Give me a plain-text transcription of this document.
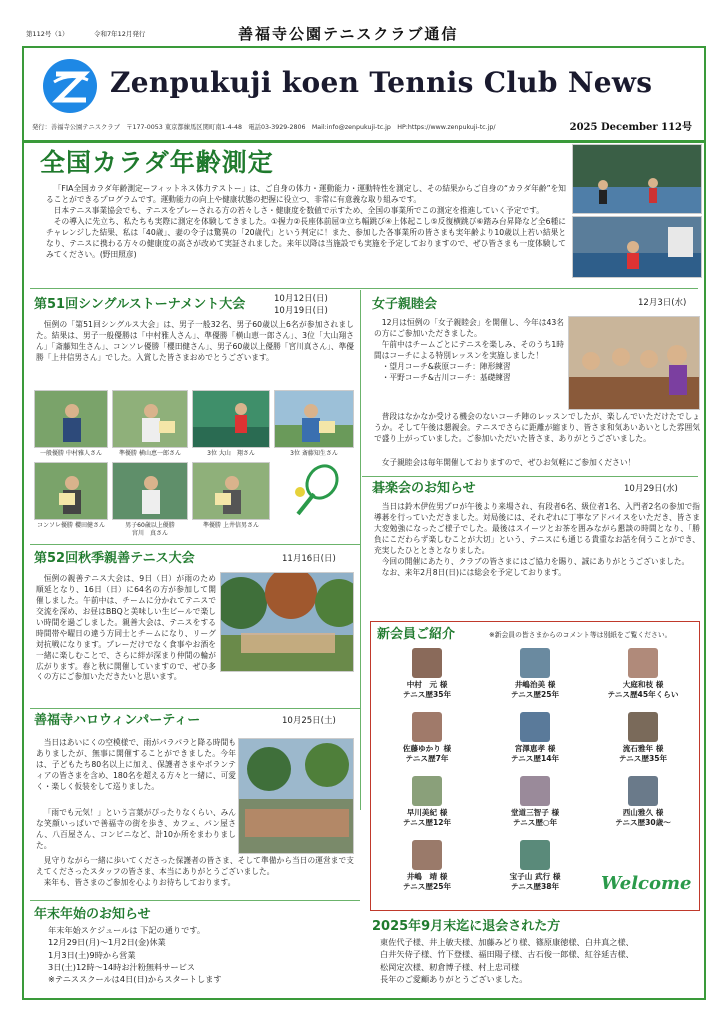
第112号（1）	令和7年12月発行	善福寺公園テニスクラブ通信
Zenpukuji koen Tennis Club News
発行：善福寺公園テニスクラブ　〒177-0053 東京都練馬区関町南1-4-48　電話03-3929-2806　Mail:info@zenpukuji-tc.jp　HP:https://www.zenpukuji-tc.jp/	2025 December 112号
全国カラダ年齢測定

「FIA全国カラダ年齢測定ーフィットネス体力テストー」は、ご自身の体力・運動能力・運動特性を測定し、その結果からご自身の“カラダ年齢”を知ることができるプログラムです。運動能力の向上や健康状態の把握に役立つ、非常に有意義な取り組みです。

日本テニス事業協会でも、テニスをプレーされる方の若々しさ・健康度を数値で示すため、全国の事業所でこの測定を推進していく予定です。

その導入に先立ち、私たちも実際に測定を体験してきました。①握力②長座体前屈③立ち幅跳び④上体起こし⑤反復横跳び⑥踏み台昇降など全6種にチャレンジした結果、私は「40歳」、妻の令子は驚異の「20歳代」という判定に！また、参加した各事業所の皆さまも実年齢より10歳以上若い結果となり、テニスに携わる方々の健康度の高さが改めて実証されました。来年以降は当施設でも実施を予定しておりますので、ぜひ皆さまも一度体験してみてください。(野田照彦)

第51回シングルストーナメント大会	10月12日(日)
10月19日(日)
恒例の「第51回シングルス大会」は、男子一般32名、男子60歳以上6名が参加されました。結果は、男子一般優勝は「中村雅人さん」、準優勝「横山恵一郎さん」、3位「大山翔さん」「斎藤知生さん」、コンソレ優勝「櫻田健さん」、男子60歳以上優勝「宮川真さん」、準優勝「上井信男さん」でした。入賞した皆さまおめでとうございます。
一般優勝 中村雅人さん	準優勝 横山恵一郎さん	3位 大山　翔さん	3位 斎藤知生さん
コンソレ優勝 櫻田健さん	男子60歳以上優勝
宮川　真さん
準優勝 上井信男さん
第52回秋季親善テニス大会	11月16日(日)
恒例の親善テニス大会は、9日（日）が雨のため順延となり、16日（日）に64名の方が参加して開催しました。午前中は、チームに分かれてテニスで交流を深め、お昼はBBQと美味しい生ビールで楽しい時間を過ごしました。親善大会は、テニスをする時間帯や曜日の違う方同士とチームになり、リーグ対抗戦になります。プレーだけでなく食事やお酒を一緒に楽しむことで、さらに絆が深まり仲間の輪が広がります。春と秋に開催していますので、ぜひ多くの方にご参加いただきたいと思います。
善福寺ハロウィンパーティー	10月25日(土)

当日はあいにくの空模様で、雨がパラパラと降る時間もありましたが、無事に開催することができました。今年は、子どもたち80名以上に加え、保護者さまやボランティアの皆さまを含め、180名を超える方々と一緒に、可愛く・楽しく仮装をして巡りました。

「雨でも元気！」という言葉がぴったりなくらい、みんな笑顔いっぱいで善福寺の街を歩き、カフェ、パン屋さん、八百屋さん、コンビニなど、計10か所をまわりました。

見守りながら一緒に歩いてくださった保護者の皆さま、そして準備から当日の運営まで支えてくださったスタッフの皆さま、本当にありがとうございました。

来年も、皆さまのご参加を心よりお待ちしております。

年末年始のお知らせ
年末年始スケジュールは 下記の通りです。
12月29日(月)～1月2日(金)休業
1月3日(土)9時から営業
3日(土)12時～14時お汁粉無料サービス
※テニススクールは4日(日)からスタートします
女子親睦会	12月3日(水)

12月は恒例の「女子親睦会」を開催し、今年は43名の方にご参加いただきました。

午前中はチームごとにテニスを楽しみ、そのうち1時間はコーチによる特別レッスンを実施しました！

・望月コーチ&萩原コーチ：陣形練習

・平野コーチ&古川コーチ：基礎練習

普段はなかなか受ける機会のないコーチ陣のレッスンでしたが、楽しんでいただけたでしょうか。そして午後は懇親会。テニスでさらに距離が縮まり、皆さま和気あいあいとした雰囲気で盛り上がっていました。ご参加いただいた皆さま、ありがとうございました。
女子親睦会は毎年開催しておりますので、ぜひお気軽にご参加ください！
碁楽会のお知らせ	10月29日(水)

当日は鈴木伊佐男プロが午後より来場され、有段者6名、級位者1名、入門者2名の参加で指導碁を行っていただきました。対局後には、それぞれに丁寧なアドバイスをいただき、皆さま大変勉強になったご様子でした。最後はスイーツとお茶を囲みながら懇談の時間となり、「勝負にこだわらず楽しむことが大切」という、テニスにも通じる貴重なお話を伺うことができ、充実したひとときとなりました。

今回の開催にあたり、クラブの皆さまにはご協力を賜り、誠にありがとうございました。

なお、来年2月8日(日)には総会を予定しております。

新会員ご紹介	※新会員の皆さまからのコメント等は別紙をご覧ください。
中村　元 様
テニス歴35年
井嶋治美 様
テニス歴25年
大庭和枝 様
テニス歴45年くらい
佐藤ゆかり 様
テニス歴7年
宮澤恵孝 様
テニス歴14年
流石雅年 様
テニス歴35年
早川美紀 様
テニス歴12年
堂道三智子 様
テニス歴○年
西山雅久 様
テニス歴30歳～
井嶋　靖 様
テニス歴25年
宝子山 武行 様
テニス歴38年	Welcome
2025年9月末迄に退会された方
東佐代子様、井上敏夫様、加藤みどり様、篠原康徳様、白井真之様、
白井矢侍子様、竹下登様、福田陽子様、古石俊一郎様、紅谷延吉様、
松岡定次様、籾倉博子様、村上忠司様
長年のご愛顧ありがとうございました。
